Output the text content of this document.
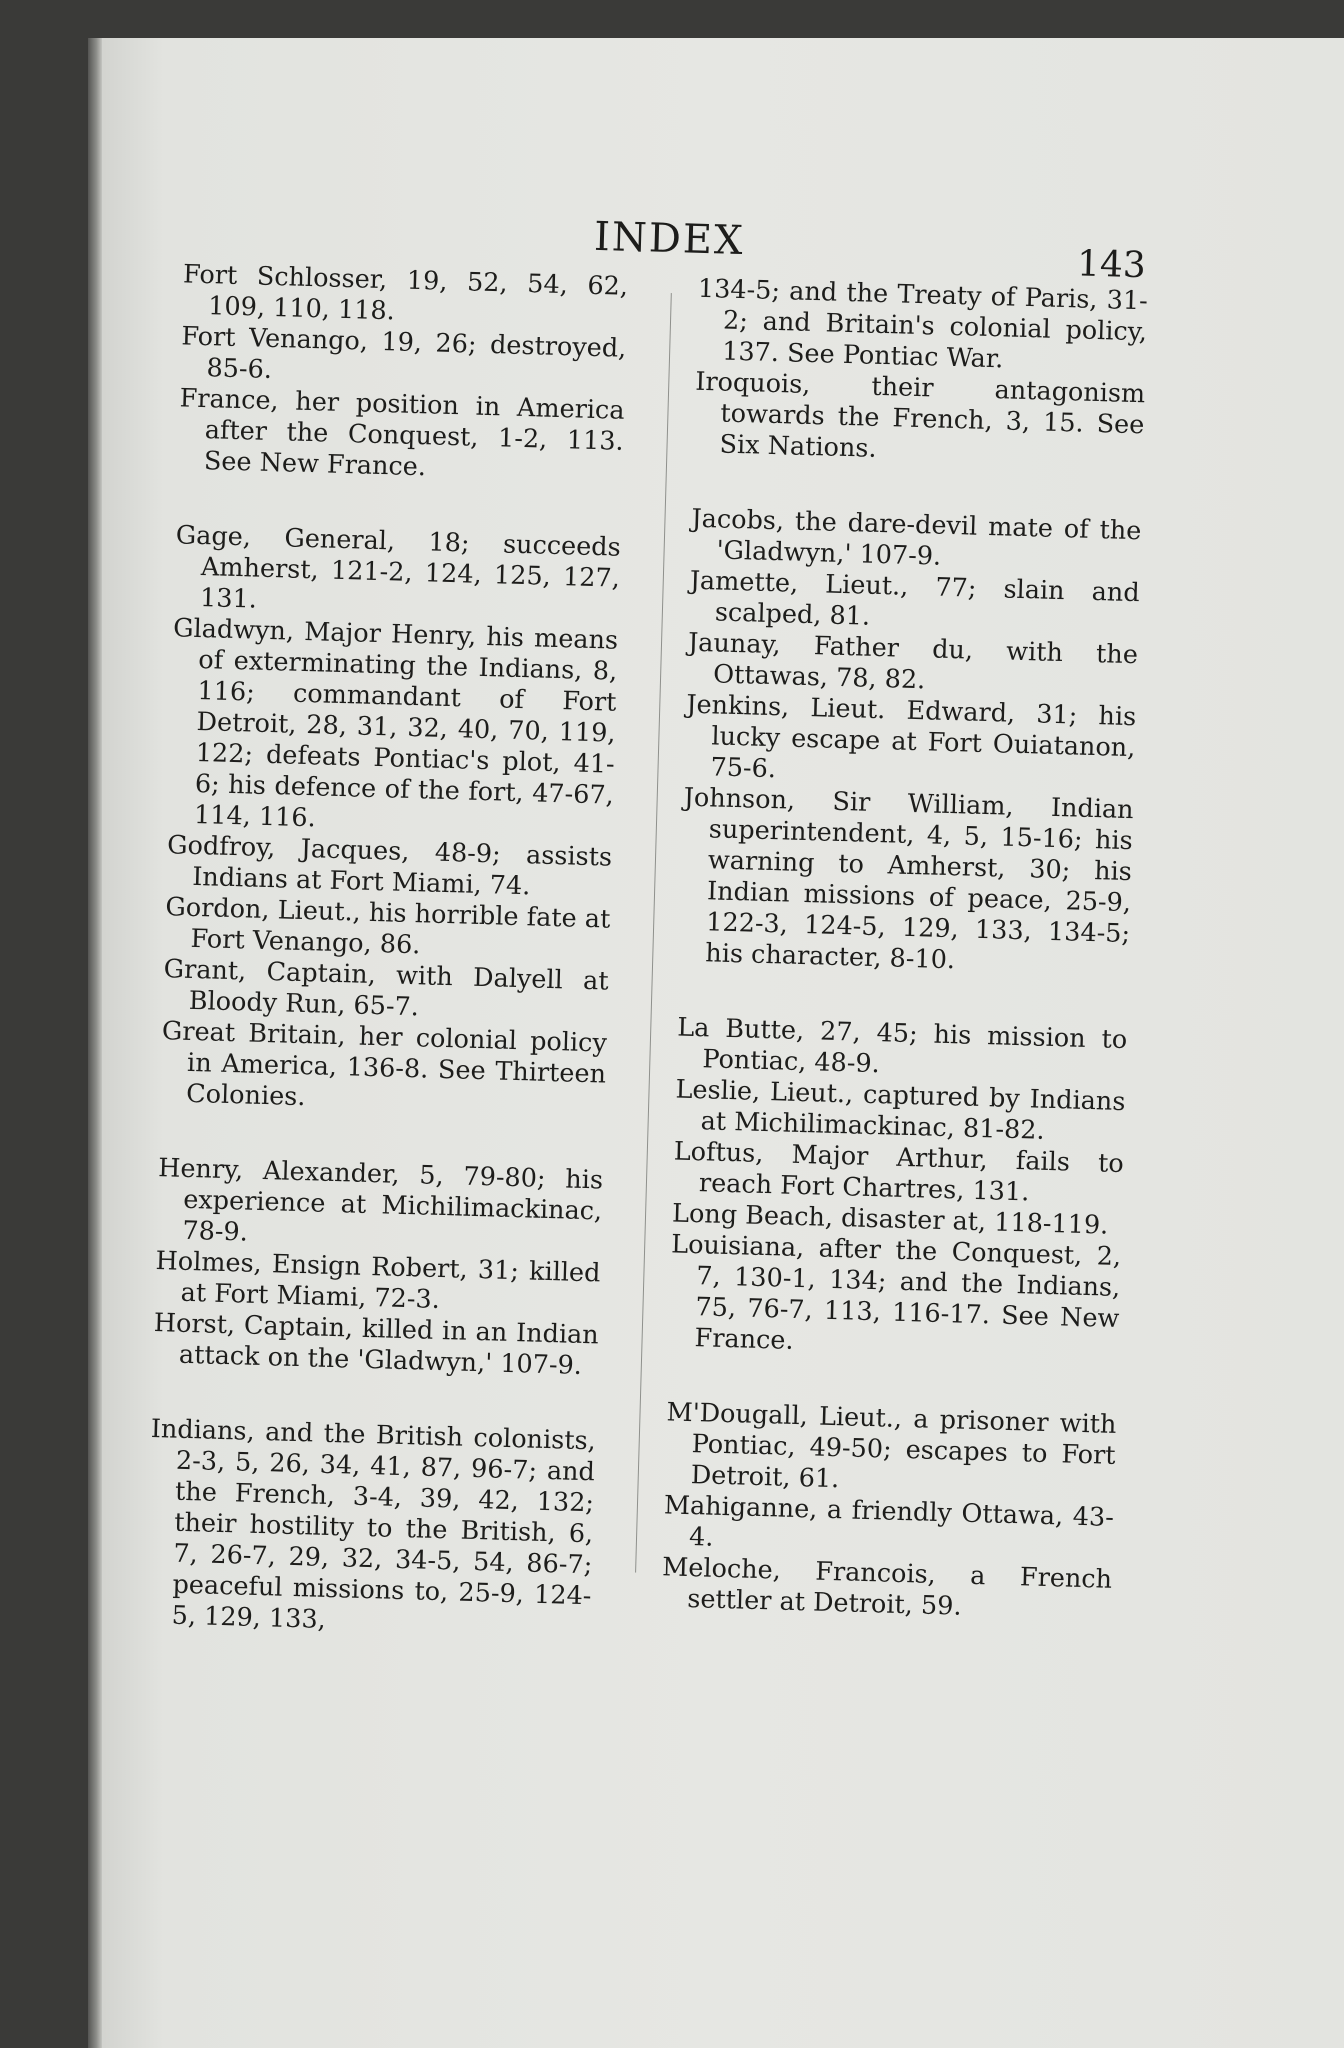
INDEX
143

Fort Schlosser, 19, 52, 54, 62, 109, 110, 118.

Fort Venango, 19, 26; destroyed, 85-6.

France, her position in America after the Conquest, 1-2, 113. See New France.

Gage, General, 18; succeeds Amherst, 121-2, 124, 125, 127, 131.

Gladwyn, Major Henry, his means of exterminating the Indians, 8, 116; commandant of Fort Detroit, 28, 31, 32, 40, 70, 119, 122; defeats Pontiac's plot, 41-6; his defence of the fort, 47-67, 114, 116.

Godfroy, Jacques, 48-9; assists Indians at Fort Miami, 74.

Gordon, Lieut., his horrible fate at Fort Venango, 86.

Grant, Captain, with Dalyell at Bloody Run, 65-7.

Great Britain, her colonial policy in America, 136-8. See Thirteen Colonies.

Henry, Alexander, 5, 79-80; his experience at Michilimackinac, 78-9.

Holmes, Ensign Robert, 31; killed at Fort Miami, 72-3.

Horst, Captain, killed in an Indian attack on the 'Gladwyn,' 107-9.

Indians, and the British colonists, 2-3, 5, 26, 34, 41, 87, 96-7; and the French, 3-4, 39, 42, 132; their hostility to the British, 6, 7, 26-7, 29, 32, 34-5, 54, 86-7; peaceful missions to, 25-9, 124-5, 129, 133,

134-5; and the Treaty of Paris, 31-2; and Britain's colonial policy, 137. See Pontiac War.

Iroquois, their antagonism towards the French, 3, 15. See Six Nations.

Jacobs, the dare-devil mate of the 'Gladwyn,' 107-9.

Jamette, Lieut., 77; slain and scalped, 81.

Jaunay, Father du, with the Ottawas, 78, 82.

Jenkins, Lieut. Edward, 31; his lucky escape at Fort Ouiatanon, 75-6.

Johnson, Sir William, Indian superintendent, 4, 5, 15-16; his warning to Amherst, 30; his Indian missions of peace, 25-9, 122-3, 124-5, 129, 133, 134-5; his character, 8-10.

La Butte, 27, 45; his mission to Pontiac, 48-9.

Leslie, Lieut., captured by Indians at Michilimackinac, 81-82.

Loftus, Major Arthur, fails to reach Fort Chartres, 131.

Long Beach, disaster at, 118-119.

Louisiana, after the Conquest, 2, 7, 130-1, 134; and the Indians, 75, 76-7, 113, 116-17. See New France.

M'Dougall, Lieut., a prisoner with Pontiac, 49-50; escapes to Fort Detroit, 61.

Mahiganne, a friendly Ottawa, 43-4.

Meloche, Francois, a French settler at Detroit, 59.
